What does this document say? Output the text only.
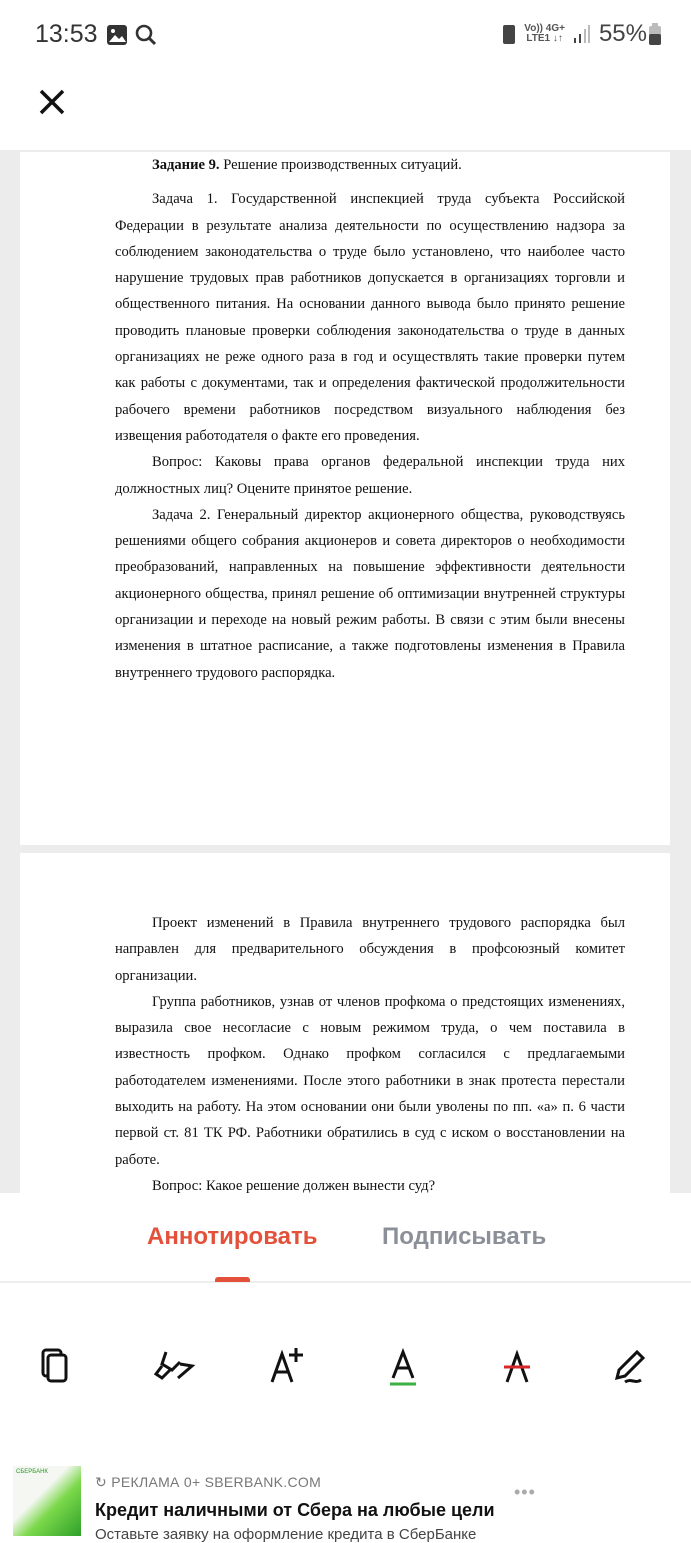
13:53	Vo)) 4G+
LTE1 ↓↑ 55%

Задание 9. Решение производственных ситуаций.

Задача 1. Государственной инспекцией труда субъекта Российской Федерации в результате анализа деятельности по осуществлению надзора за соблюдением законодательства о труде было установлено, что наиболее часто нарушение трудовых прав работников допускается в организациях торговли и общественного питания. На основании данного вывода было принято решение проводить плановые проверки соблюдения законодательства о труде в данных организациях не реже одного раза в год и осуществлять такие проверки путем как работы с документами, так и определения фактической продолжительности рабочего времени работников посредством визуального наблюдения без извещения работодателя о факте его проведения.

Вопрос: Каковы права органов федеральной инспекции труда них должностных лиц? Оцените принятое решение.

Задача 2. Генеральный директор акционерного общества, руководствуясь решениями общего собрания акционеров и совета директоров о необходимости преобразований, направленных на повышение эффективности деятельности акционерного общества, принял решение об оптимизации внутренней структуры организации и переходе на новый режим работы. В связи с этим были внесены изменения в штатное расписание, а также подготовлены изменения в Правила внутреннего трудового распорядка.

Проект изменений в Правила внутреннего трудового распорядка был направлен для предварительного обсуждения в профсоюзный комитет организации.

Группа работников, узнав от членов профкома о предстоящих изменениях, выразила свое несогласие с новым режимом труда, о чем поставила в известность профком. Однако профком согласился с предлагаемыми работодателем изменениями. После этого работники в знак протеста перестали выходить на работу. На этом основании они были уволены по пп. «а» п. 6 части первой ст. 81 ТК РФ. Работники обратились в суд с иском о восстановлении на работе.

Вопрос: Какое решение должен вынести суд?

Аннотировать	Подписывать
СБЕРБАНК
↻ РЕКЛАМА 0+ SBERBANK.COM	•••
Кредит наличными от Сбера на любые цели
Оставьте заявку на оформление кредита в СберБанке
